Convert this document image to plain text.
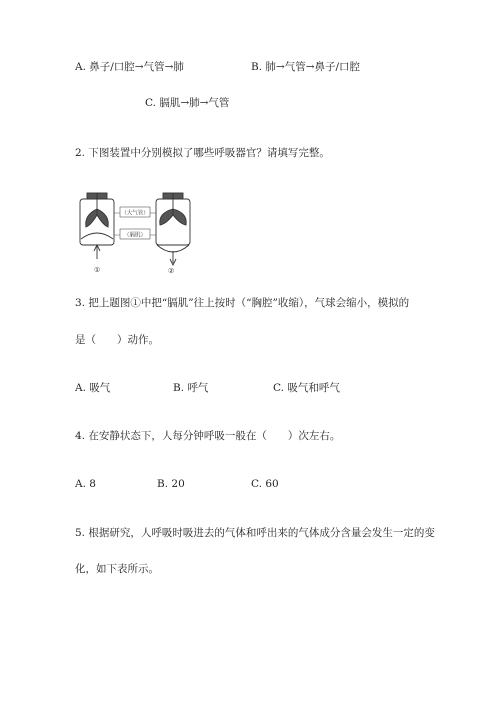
A. 鼻子/口腔→气管→肺	B. 肺→气管→鼻子/口腔
C. 膈肌→肺→气管
2. 下图装置中分别模拟了哪些呼吸器官？请填写完整。
（大气管）
（膈肌）
①	②
3. 把上题图①中把“膈肌”往上按时（“胸腔”收缩），气球会缩小，模拟的
是（　　）动作。
A. 吸气	B. 呼气	C. 吸气和呼气
4. 在安静状态下，人每分钟呼吸一般在（　　）次左右。
A. 8	B. 20	C. 60
5. 根据研究，人呼吸时吸进去的气体和呼出来的气体成分含量会发生一定的变
化，如下表所示。
